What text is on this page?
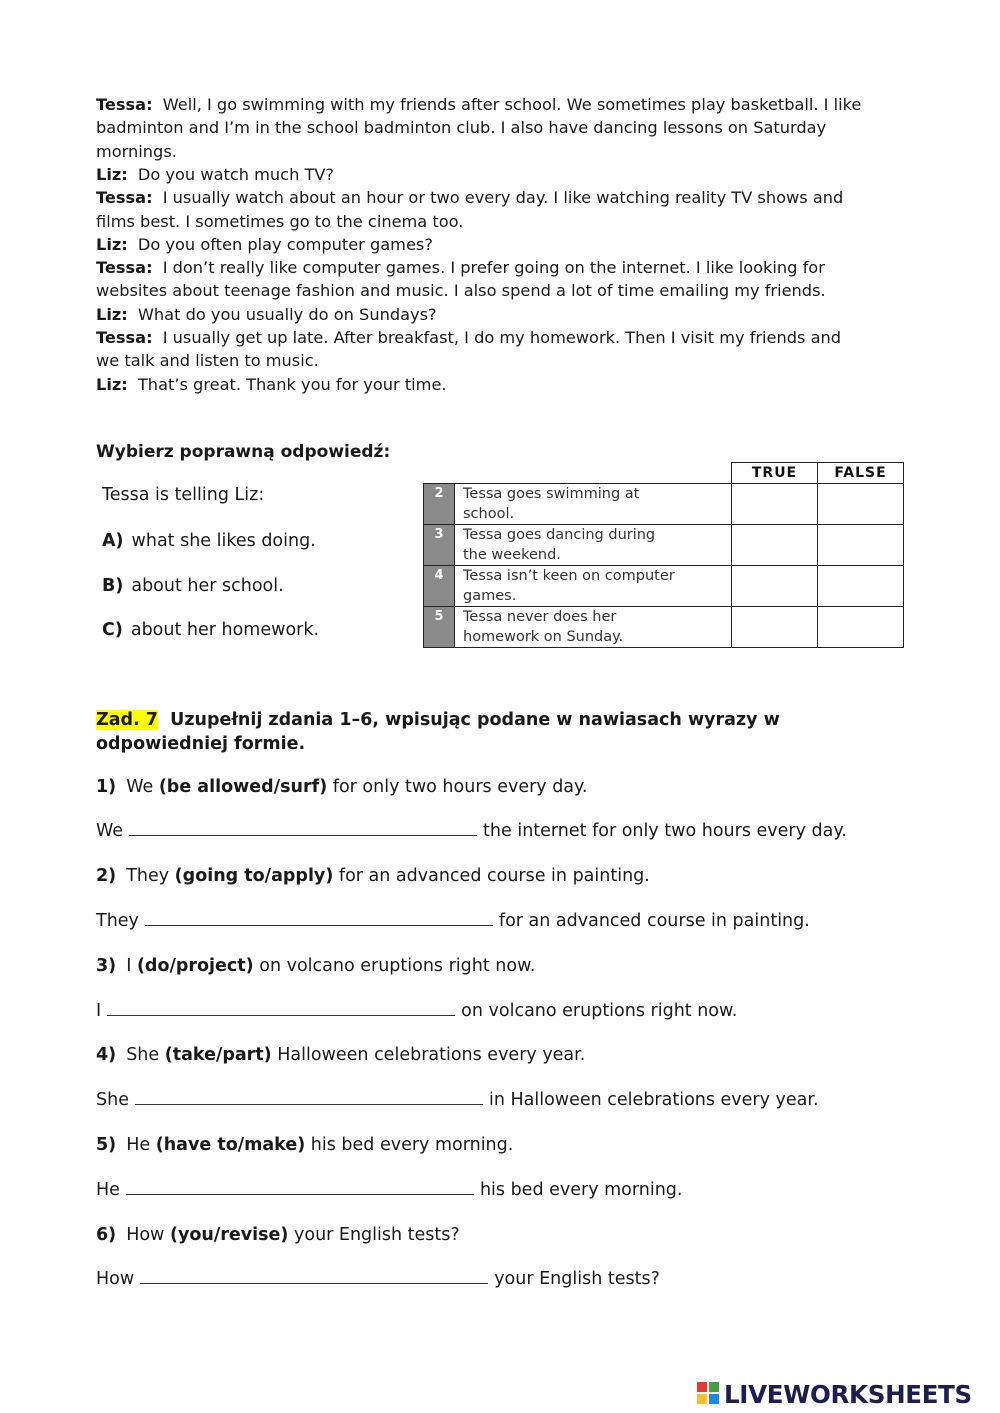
Tessa: Well, I go swimming with my friends after school. We sometimes play basketball. I like
badminton and I’m in the school badminton club. I also have dancing lessons on Saturday
mornings.
Liz: Do you watch much TV?
Tessa: I usually watch about an hour or two every day. I like watching reality TV shows and
films best. I sometimes go to the cinema too.
Liz: Do you often play computer games?
Tessa: I don’t really like computer games. I prefer going on the internet. I like looking for
websites about teenage fashion and music. I also spend a lot of time emailing my friends.
Liz: What do you usually do on Sundays?
Tessa: I usually get up late. After breakfast, I do my homework. Then I visit my friends and
we talk and listen to music.
Liz: That’s great. Thank you for your time.
Wybierz poprawną odpowiedź:
Tessa is telling Liz:
A) what she likes doing.
B) about her school.
C) about her homework.
		TRUE	FALSE
2	Tessa goes swimming at
school.		
3	Tessa goes dancing during
the weekend.		
4	Tessa isn’t keen on computer
games.		
5	Tessa never does her
homework on Sunday.		
Zad. 7 Uzupełnij zdania 1–6, wpisując podane w nawiasach wyrazy w
odpowiedniej formie.
1) We (be allowed/surf) for only two hours every day.
We	the internet for only two hours every day.
2) They (going to/apply) for an advanced course in painting.
They	for an advanced course in painting.
3) I (do/project) on volcano eruptions right now.
I	on volcano eruptions right now.
4) She (take/part) Halloween celebrations every year.
She	in Halloween celebrations every year.
5) He (have to/make) his bed every morning.
He	his bed every morning.
6) How (you/revise) your English tests?
How	your English tests?
LIVEWORKSHEETS
